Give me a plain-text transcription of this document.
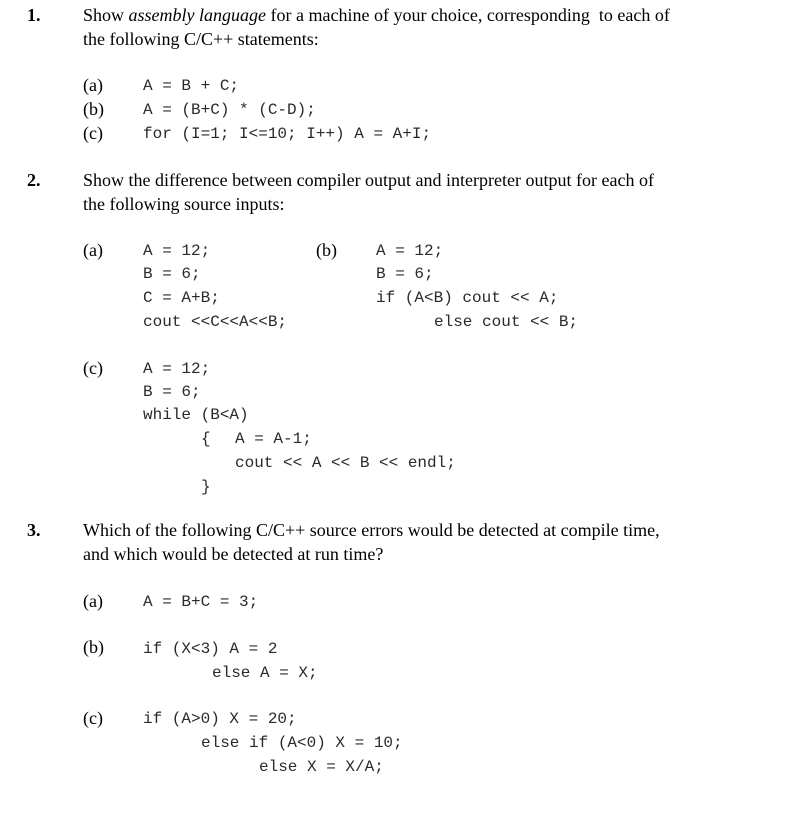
1. Show assembly language for a machine of your choice, corresponding  to each of
the following C/C++ statements:
(a)	A = B + C;
(b) A = (B+C) * (C-D);
(c)	for (I=1; I<=10; I++) A = A+I;
2. Show the difference between compiler output and interpreter output for each of
the following source inputs:
(a)	A = 12;
B = 6;
C = A+B;
cout <<C<<A<<B;
(b) A = 12;
B = 6;
if (A<B) cout << A;
else cout << B;
(c)	A = 12;
B = 6;
while (B<A)
{ A = A-1;
cout << A << B << endl;
}
3. Which of the following C/C++ source errors would be detected at compile time,
and which would be detected at run time?
(a)	A = B+C = 3;
(b) if (X<3) A = 2
else A = X;
(c)	if (A>0) X = 20;
else if (A<0) X = 10;
else X = X/A;
